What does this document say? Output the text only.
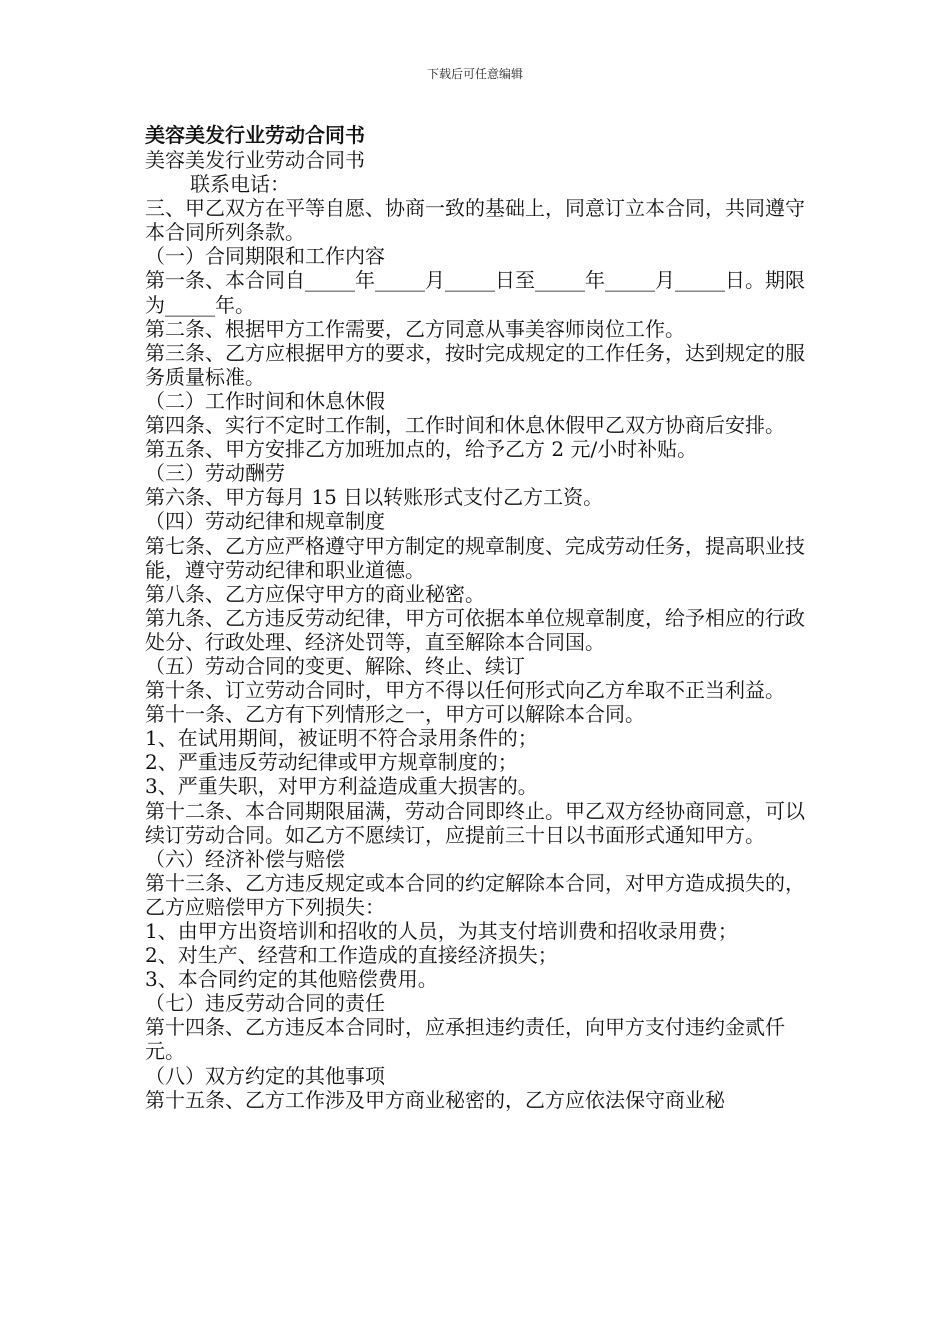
下载后可任意编辑
美容美发行业劳动合同书
美容美发行业劳动合同书
联系电话：
三、甲乙双方在平等自愿、协商一致的基础上，同意订立本合同，共同遵守本合同所列条款。
（一）合同期限和工作内容
第一条、本合同自_____年_____月_____日至_____年_____月_____日。期限为_____年。
第二条、根据甲方工作需要，乙方同意从事美容师岗位工作。
第三条、乙方应根据甲方的要求，按时完成规定的工作任务，达到规定的服务质量标准。
（二）工作时间和休息休假
第四条、实行不定时工作制，工作时间和休息休假甲乙双方协商后安排。
第五条、甲方安排乙方加班加点的，给予乙方 2 元/小时补贴。
（三）劳动酬劳
第六条、甲方每月 15 日以转账形式支付乙方工资。
（四）劳动纪律和规章制度
第七条、乙方应严格遵守甲方制定的规章制度、完成劳动任务，提高职业技能，遵守劳动纪律和职业道德。
第八条、乙方应保守甲方的商业秘密。
第九条、乙方违反劳动纪律，甲方可依据本单位规章制度，给予相应的行政处分、行政处理、经济处罚等，直至解除本合同国。
（五）劳动合同的变更、解除、终止、续订
第十条、订立劳动合同时，甲方不得以任何形式向乙方牟取不正当利益。
第十一条、乙方有下列情形之一，甲方可以解除本合同。
1、在试用期间，被证明不符合录用条件的；
2、严重违反劳动纪律或甲方规章制度的；
3、严重失职，对甲方利益造成重大损害的。
第十二条、本合同期限届满，劳动合同即终止。甲乙双方经协商同意，可以续订劳动合同。如乙方不愿续订，应提前三十日以书面形式通知甲方。
（六）经济补偿与赔偿
第十三条、乙方违反规定或本合同的约定解除本合同，对甲方造成损失的，乙方应赔偿甲方下列损失：
1、由甲方出资培训和招收的人员，为其支付培训费和招收录用费；
2、对生产、经营和工作造成的直接经济损失；
3、本合同约定的其他赔偿费用。
（七）违反劳动合同的责任
第十四条、乙方违反本合同时，应承担违约责任，向甲方支付违约金贰仟元。
（八）双方约定的其他事项
第十五条、乙方工作涉及甲方商业秘密的，乙方应依法保守商业秘
